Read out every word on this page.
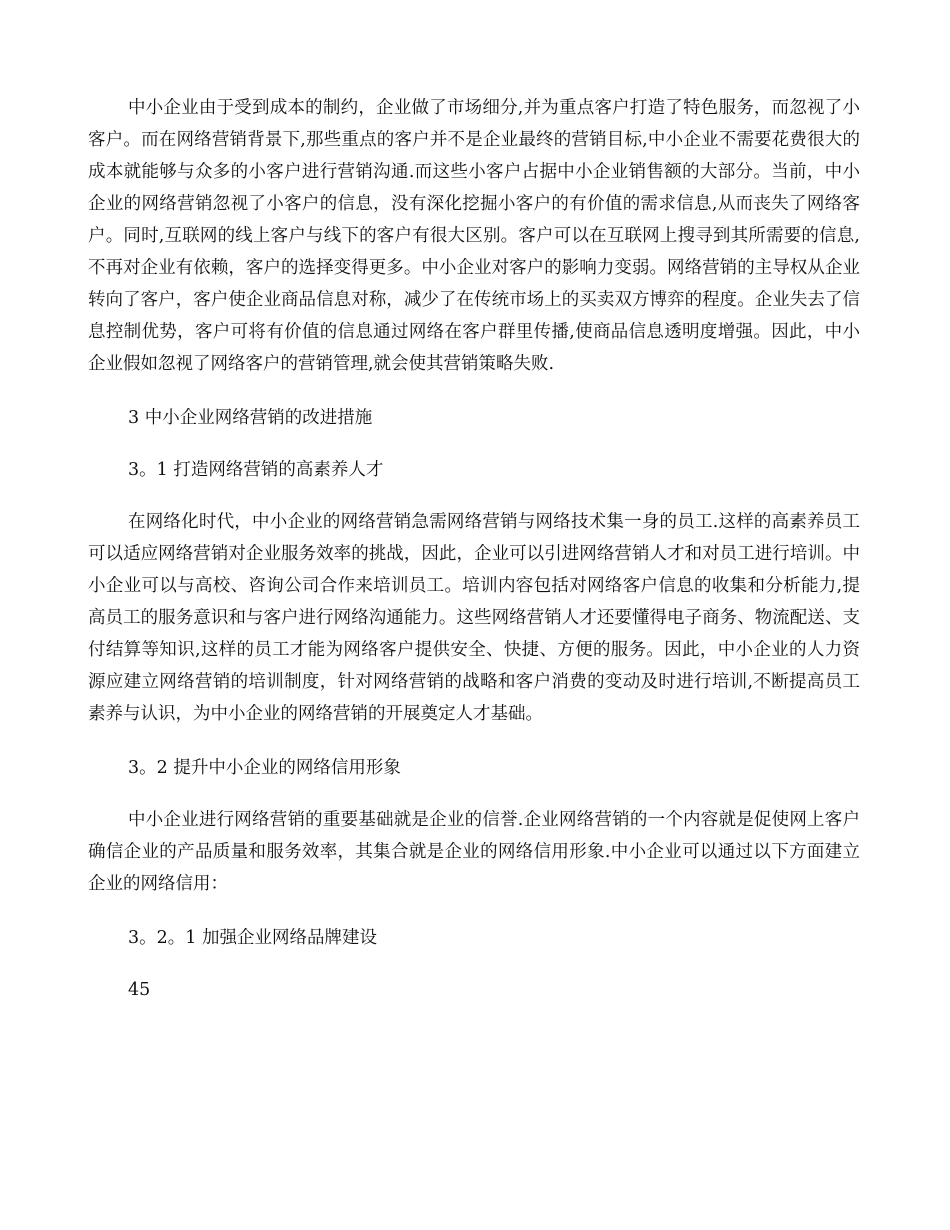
中小企业由于受到成本的制约，企业做了市场细分,并为重点客户打造了特色服务，而忽视了小客户。而在网络营销背景下,那些重点的客户并不是企业最终的营销目标,中小企业不需要花费很大的成本就能够与众多的小客户进行营销沟通.而这些小客户占据中小企业销售额的大部分。当前，中小企业的网络营销忽视了小客户的信息，没有深化挖掘小客户的有价值的需求信息,从而丧失了网络客户。同时,互联网的线上客户与线下的客户有很大区别。客户可以在互联网上搜寻到其所需要的信息,不再对企业有依赖，客户的选择变得更多。中小企业对客户的影响力变弱。网络营销的主导权从企业转向了客户，客户使企业商品信息对称，减少了在传统市场上的买卖双方博弈的程度。企业失去了信息控制优势，客户可将有价值的信息通过网络在客户群里传播,使商品信息透明度增强。因此，中小企业假如忽视了网络客户的营销管理,就会使其营销策略失败.

3 中小企业网络营销的改进措施

3。1 打造网络营销的高素养人才

在网络化时代，中小企业的网络营销急需网络营销与网络技术集一身的员工.这样的高素养员工可以适应网络营销对企业服务效率的挑战，因此，企业可以引进网络营销人才和对员工进行培训。中小企业可以与高校、咨询公司合作来培训员工。培训内容包括对网络客户信息的收集和分析能力,提高员工的服务意识和与客户进行网络沟通能力。这些网络营销人才还要懂得电子商务、物流配送、支付结算等知识,这样的员工才能为网络客户提供安全、快捷、方便的服务。因此，中小企业的人力资源应建立网络营销的培训制度，针对网络营销的战略和客户消费的变动及时进行培训,不断提高员工素养与认识，为中小企业的网络营销的开展奠定人才基础。

3。2 提升中小企业的网络信用形象

中小企业进行网络营销的重要基础就是企业的信誉.企业网络营销的一个内容就是促使网上客户确信企业的产品质量和服务效率，其集合就是企业的网络信用形象.中小企业可以通过以下方面建立企业的网络信用：

3。2。1 加强企业网络品牌建设

45
